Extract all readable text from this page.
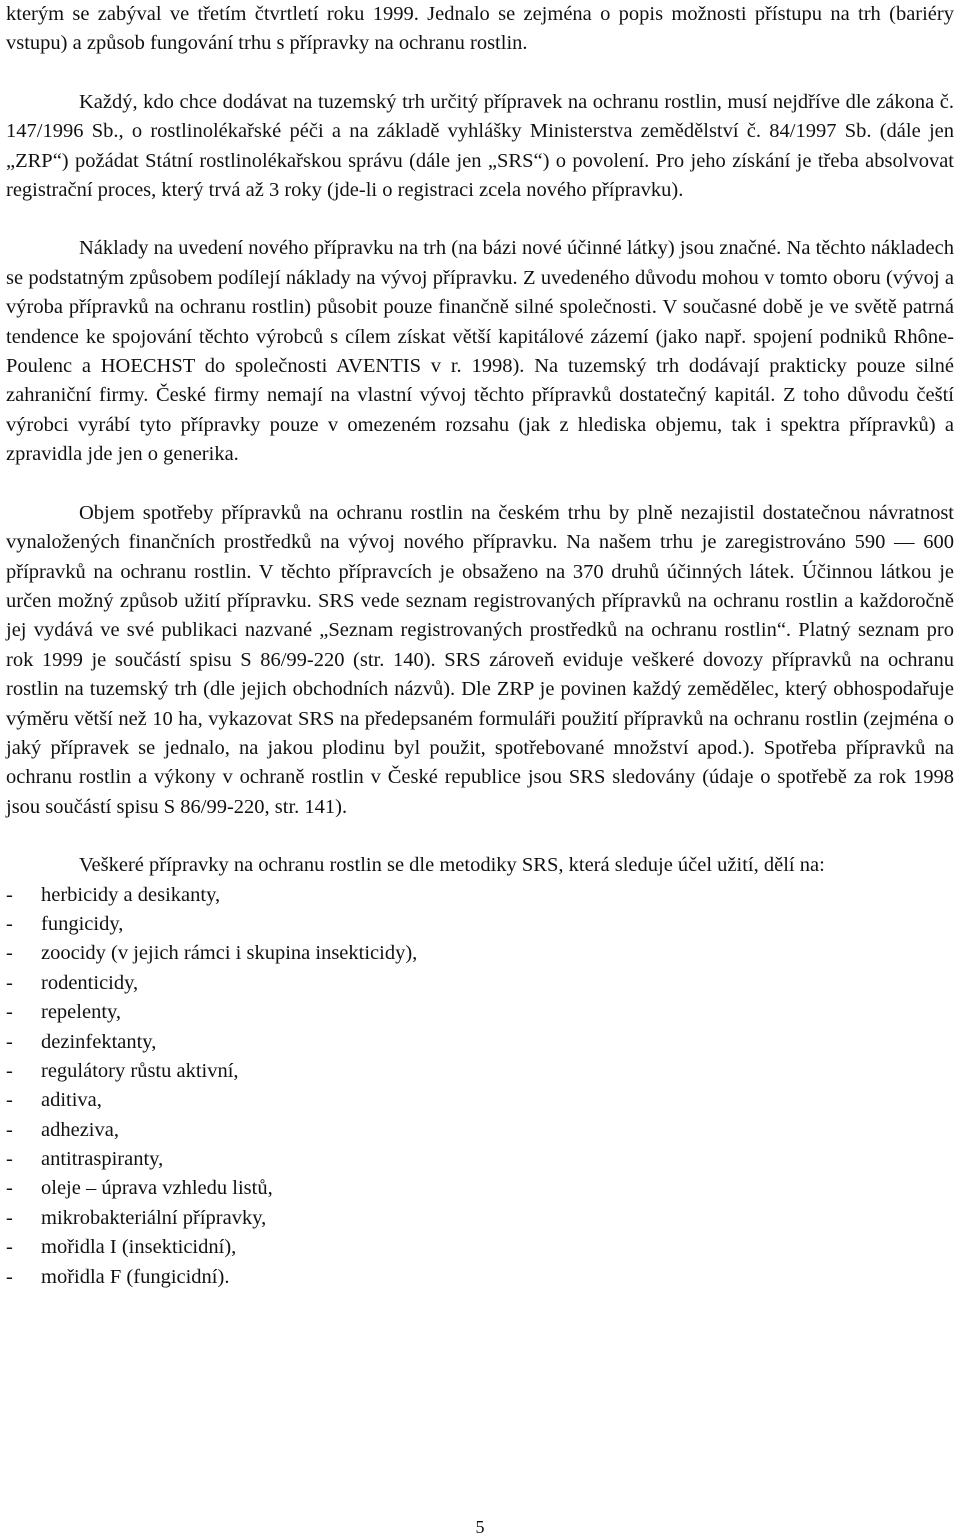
kterým se zabýval ve třetím čtvrtletí roku 1999. Jednalo se zejména o popis možnosti přístupu na trh (bariéry vstupu) a způsob fungování trhu s přípravky na ochranu rostlin.

Každý, kdo chce dodávat na tuzemský trh určitý přípravek na ochranu rostlin, musí nejdříve dle zákona č. 147/1996 Sb., o rostlinolékařské péči a na základě vyhlášky Ministerstva zemědělství č. 84/1997 Sb. (dále jen „ZRP“) požádat Státní rostlinolékařskou správu (dále jen „SRS“) o povolení. Pro jeho získání je třeba absolvovat registrační proces, který trvá až 3 roky (jde-li o registraci zcela nového přípravku).

Náklady na uvedení nového přípravku na trh (na bázi nové účinné látky) jsou značné. Na těchto nákladech se podstatným způsobem podílejí náklady na vývoj přípravku. Z uvedeného důvodu mohou v tomto oboru (vývoj a výroba přípravků na ochranu rostlin) působit pouze finančně silné společnosti. V současné době je ve světě patrná tendence ke spojování těchto výrobců s cílem získat větší kapitálové zázemí (jako např. spojení podniků Rhône-Poulenc a HOECHST do společnosti AVENTIS v r. 1998). Na tuzemský trh dodávají prakticky pouze silné zahraniční firmy. České firmy nemají na vlastní vývoj těchto přípravků dostatečný kapitál. Z toho důvodu čeští výrobci vyrábí tyto přípravky pouze v omezeném rozsahu (jak z hlediska objemu, tak i spektra přípravků) a zpravidla jde jen o generika.

Objem spotřeby přípravků na ochranu rostlin na českém trhu by plně nezajistil dostatečnou návratnost vynaložených finančních prostředků na vývoj nového přípravku. Na našem trhu je zaregistrováno 590 — 600 přípravků na ochranu rostlin. V těchto přípravcích je obsaženo na 370 druhů účinných látek. Účinnou látkou je určen možný způsob užití přípravku. SRS vede seznam registrovaných přípravků na ochranu rostlin a každoročně jej vydává ve své publikaci nazvané „Seznam registrovaných prostředků na ochranu rostlin“. Platný seznam pro rok 1999 je součástí spisu S 86/99-220 (str. 140). SRS zároveň eviduje veškeré dovozy přípravků na ochranu rostlin na tuzemský trh (dle jejich obchodních názvů). Dle ZRP je povinen každý zemědělec, který obhospodařuje výměru větší než 10 ha, vykazovat SRS na předepsaném formuláři použití přípravků na ochranu rostlin (zejména o jaký přípravek se jednalo, na jakou plodinu byl použit, spotřebované množství apod.). Spotřeba přípravků na ochranu rostlin a výkony v ochraně rostlin v České republice jsou SRS sledovány (údaje o spotřebě za rok 1998 jsou součástí spisu S 86/99-220, str. 141).

Veškeré přípravky na ochranu rostlin se dle metodiky SRS, která sleduje účel užití, dělí na:

-	herbicidy a desikanty,
-	fungicidy,
-	zoocidy (v jejich rámci i skupina insekticidy),
-	rodenticidy,
-	repelenty,
-	dezinfektanty,
-	regulátory růstu aktivní,
-	aditiva,
-	adheziva,
-	antitraspiranty,
-	oleje – úprava vzhledu listů,
-	mikrobakteriální přípravky,
-	mořidla I (insekticidní),
-	mořidla F (fungicidní).
5
